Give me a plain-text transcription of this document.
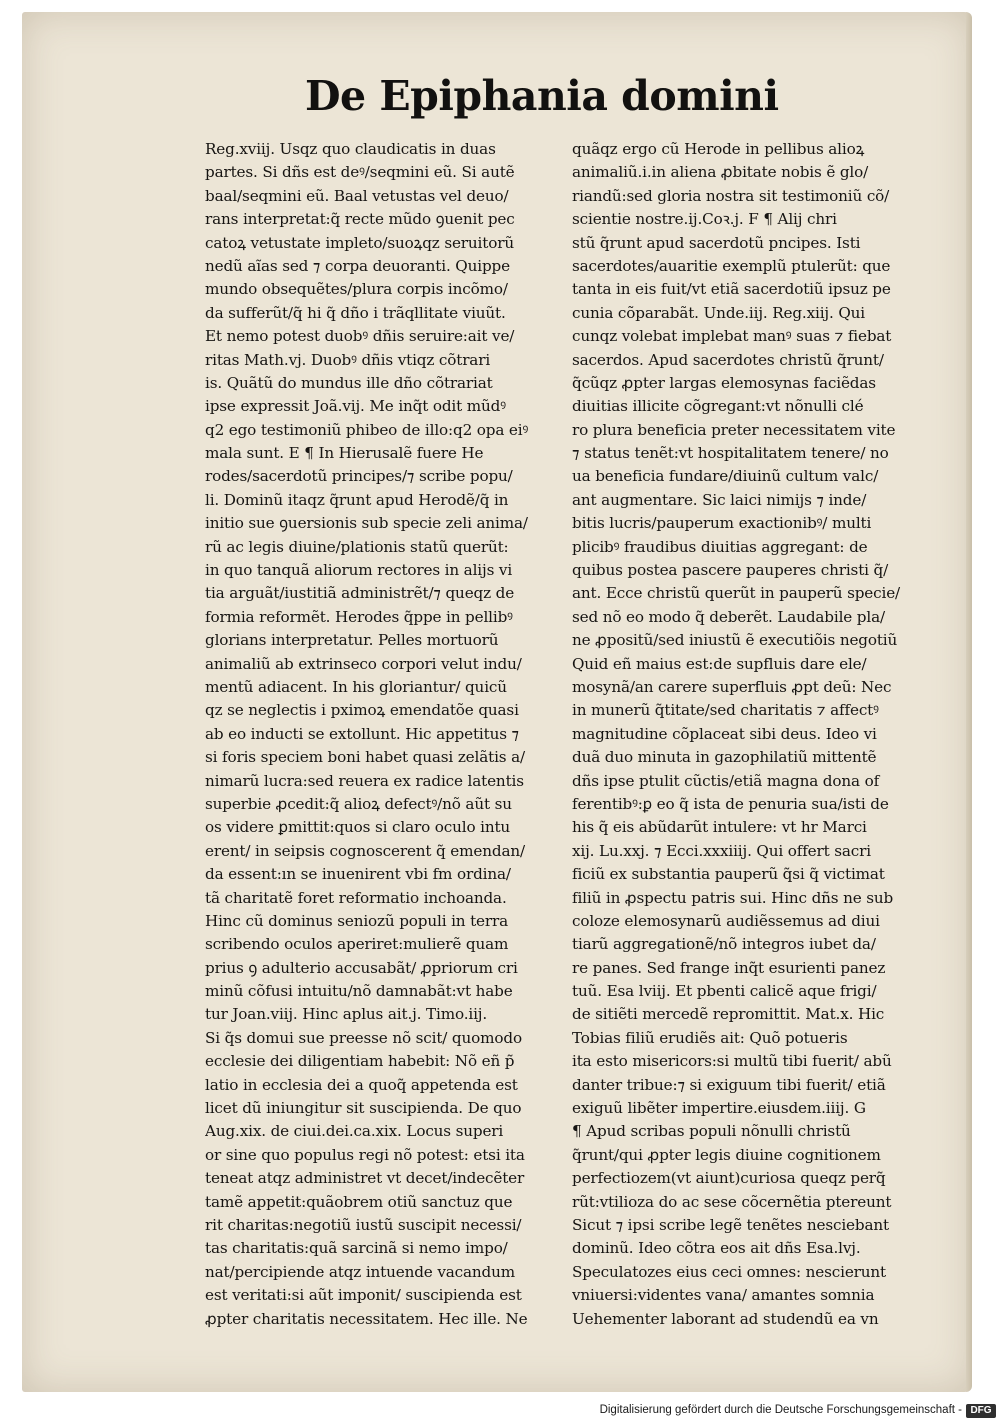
De Epiphania domini
Reg.xviij. Usqz quo claudicatis in duas
partes. Si dñs est deꝰ/seqmini eũ. Si autẽ
baal/seqmini eũ. Baal vetustas vel deuo/
rans interpretat:q̃ recte mũdo ꝯuenit pec
catoꝝ vetustate impleto/suoꝝqz seruitorũ
nedũ aĩas sed ⁊ corpa deuoranti. Quippe
mundo obsequẽtes/plura corpis incõmo/
da sufferũt/q̃ hi q̃ dño i trãqllitate viuũt.
Et nemo potest duobꝰ dñis seruire:ait ve/
ritas Math.vj. Duobꝰ dñis vtiqz cõtrari
is. Quãtũ do mundus ille dño cõtrariat
ipse expressit Joã.vij. Me inq̃t odit mũdꝰ
q2 ego testimoniũ phibeo de illo:q2 opa eiꝰ
mala sunt. E ¶ In Hierusalẽ fuere He
rodes/sacerdotũ principes/⁊ scribe popu/
li. Dominũ itaqz q̃runt apud Herodẽ/q̃ in
initio sue ꝯuersionis sub specie zeli anima/
rũ ac legis diuine/plationis statũ querũt:
in quo tanquã aliorum rectores in alijs vi
tia arguãt/iustitiã administrẽt/⁊ queqz de
formia reformẽt. Herodes q̃ppe in pellibꝰ
glorians interpretatur. Pelles mortuorũ
animaliũ ab extrinseco corpori velut indu/
mentũ adiacent. In his gloriantur/ quicũ
qz se neglectis i pximoꝝ emendatõe quasi
ab eo inducti se extollunt. Hic appetitus ⁊
si foris speciem boni habet quasi zelãtis a/
nimarũ lucra:sed reuera ex radice latentis
superbie ꝓcedit:q̃ alioꝝ defectꝰ/nõ aũt su
os videre ꝑmittit:quos si claro oculo intu
erent/ in seipsis cognoscerent q̃ emendan/
da essent:ın se inuenirent vbi fm ordina/
tã charitatẽ foret reformatio inchoanda.
Hinc cũ dominus seniozũ populi in terra
scribendo oculos aperiret:mulierẽ quam
prius ꝯ adulterio accusabãt/ ꝓpriorum cri
minũ cõfusi intuitu/nõ damnabãt:vt habe
tur Joan.viij. Hinc aplus ait.j. Timo.iij.
Si q̃s domui sue preesse nõ scit/ quomodo
ecclesie dei diligentiam habebit: Nõ eñ p̃
latio in ecclesia dei a quoq̃ appetenda est
licet dũ iniungitur sit suscipienda. De quo
Aug.xix. de ciui.dei.ca.xix. Locus superi
or sine quo populus regi nõ potest: etsi ita
teneat atqz administret vt decet/indecẽter
tamẽ appetit:quãobrem otiũ sanctuz que
rit charitas:negotiũ iustũ suscipit necessi/
tas charitatis:quã sarcinã si nemo impo/
nat/percipiende atqz intuende vacandum
est veritati:si aũt imponit/ suscipienda est
ꝓpter charitatis necessitatem. Hec ille. Ne
quãqz ergo cũ Herode in pellibus alioꝝ
animaliũ.i.in aliena ꝓbitate nobis ẽ glo/
riandũ:sed gloria nostra sit testimoniũ cõ/
scientie nostre.ij.Coꝛ.j. F ¶ Alij chri
stũ q̃runt apud sacerdotũ pncipes. Isti
sacerdotes/auaritie exemplũ ptulerũt: que
tanta in eis fuit/vt etiã sacerdotiũ ipsuz pe
cunia cõparabãt. Unde.iij. Reg.xiij. Qui
cunqz volebat implebat manꝰ suas ⁊ fiebat
sacerdos. Apud sacerdotes christũ q̃runt/
q̃cũqz ꝓpter largas elemosynas faciẽdas
diuitias illicite cõgregant:vt nõnulli clé
ro plura beneficia preter necessitatem vite
⁊ status tenẽt:vt hospitalitatem tenere/ no
ua beneficia fundare/diuinũ cultum valc/
ant augmentare. Sic laici nimijs ⁊ inde/
bitis lucris/pauperum exactionibꝰ/ multi
plicibꝰ fraudibus diuitias aggregant: de
quibus postea pascere pauperes christi q̃/
ant. Ecce christũ querũt in pauperũ specie/
sed nõ eo modo q̃ deberẽt. Laudabile pla/
ne ꝓpositũ/sed iniustũ ẽ executiõis negotiũ
Quid eñ maius est:de supfluis dare ele/
mosynã/an carere superfluis ꝓpt deũ: Nec
in munerũ q̃titate/sed charitatis ⁊ affectꝰ
magnitudine cõplaceat sibi deus. Ideo vi
duã duo minuta in gazophilatiũ mittentẽ
dñs ipse ptulit cũctis/etiã magna dona of
ferentibꝰ:ꝑ eo q̃ ista de penuria sua/isti de
his q̃ eis abũdarũt intulere: vt hr Marci
xij. Lu.xxj. ⁊ Ecci.xxxiiij. Qui offert sacri
ficiũ ex substantia pauperũ q̃si q̃ victimat
filiũ in ꝓspectu patris sui. Hinc dñs ne sub
coloze elemosynarũ audiẽssemus ad diui
tiarũ aggregationẽ/nõ integros iubet da/
re panes. Sed frange inq̃t esurienti panez
tuũ. Esa lviij. Et pbenti calicẽ aque frigi/
de sitiẽti mercedẽ repromittit. Mat.x. Hic
Tobias filiũ erudiẽs ait: Quõ potueris
ita esto misericors:si multũ tibi fuerit/ abũ
danter tribue:⁊ si exiguum tibi fuerit/ etiã
exiguũ libẽter impertire.eiusdem.iiij. G
¶ Apud scribas populi nõnulli christũ
q̃runt/qui ꝓpter legis diuine cognitionem
perfectiozem(vt aiunt)curiosa queqz perq̃
rũt:vtilioza do ac sese cõcernẽtia pterеunt
Sicut ⁊ ipsi scribe legẽ tenẽtes nesciebant
dominũ. Ideo cõtra eos ait dñs Esa.lvj.
Speculatozes eius ceci omnes: nescierunt
vniuersi:videntes vana/ amantes somnia
Uehementer laborant ad studendũ ea vn
Digitalisierung gefördert durch die Deutsche Forschungsgemeinschaft - DFG
